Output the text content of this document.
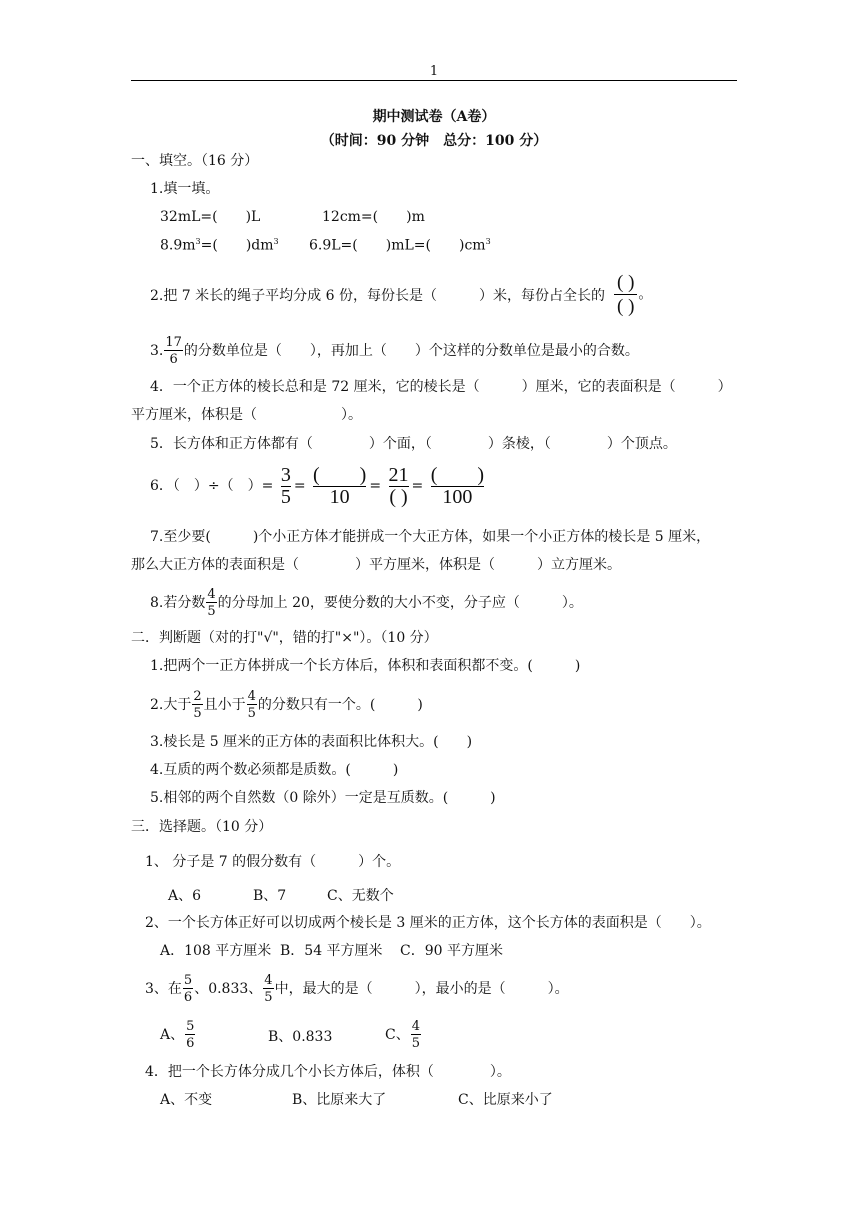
1
期中测试卷（A卷）
（时间：90 分钟　总分：100 分）
一、填空。（16 分）
1.填一填。
32mL=(　　)L	12cm=(　　)m
$8.9m^3=$(　　)$dm^3$ 6.9L=(　　)mL=(　　)$cm^3$
2.把 7 米长的绳子平均分成 6 份，每份长是（　　　）米，每份占全长的 $\frac{( )}{( )}$ 。
3. $\frac{17}{6}$ 的分数单位是（　　），再加上（　　）个这样的分数单位是最小的合数。
4．一个正方体的棱长总和是 72 厘米，它的棱长是（　　　）厘米，它的表面积是（　　　）
平方厘米，体积是（　　　　　　）。
5．长方体和正方体都有（　　　　）个面，（　　　　）条棱，（　　　　）个顶点。
6．（　）÷（　）= $\frac{3}{5}$ = (　　)
10 = 21
( ) = (　　)
100
7.至少要(　　　)个小正方体才能拼成一个大正方体，如果一个小正方体的棱长是 5 厘米，
那么大正方体的表面积是（　　　　）平方厘米，体积是（　　　）立方厘米。
8.若分数 $\frac{4}{5}$ 的分母加上 20，要使分数的大小不变，分子应（　　　）。
二．判断题（对的打"√"，错的打"×"）。（10 分）
1.把两个一正方体拼成一个长方体后，体积和表面积都不变。(　　　)
2.大于 $\frac{2}{5}$ 且小于 $\frac{4}{5}$ 的分数只有一个。(　　　)
3.棱长是 5 厘米的正方体的表面积比体积大。(　　)
4.互质的两个数必须都是质数。(　　　)
5.相邻的两个自然数（0 除外）一定是互质数。(　　　)
三．选择题。（10 分）
1、 分子是 7 的假分数有（　　　）个。
A、6	B、7	C、无数个
2、一个长方体正好可以切成两个棱长是 3 厘米的正方体，这个长方体的表面积是（　　）。
A．108 平方厘米 B．54 平方厘米 C．90 平方厘米
3、在 $\frac{5}{6}$ 、0.833、 $\frac{4}{5}$ 中，最大的是（　　　），最小的是（　　　）。
A、 $\frac{5}{6}$	B、0.833	C、 $\frac{4}{5}$
4．把一个长方体分成几个小长方体后，体积（　　　　）。
A、不变	B、比原来大了	C、比原来小了
